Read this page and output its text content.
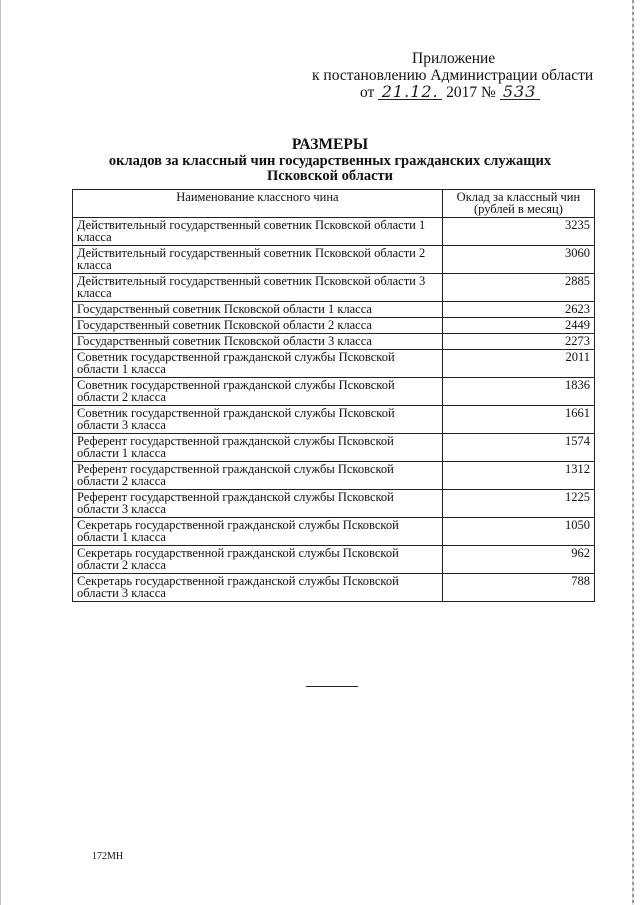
Приложение
к постановлению Администрации области
от 21.12. 2017 № 533
РАЗМЕРЫ
окладов за классный чин государственных гражданских служащих
Псковской области
Наименование классного чина	Оклад за классный чин (рублей в месяц)
Действительный государственный советник Псковской области 1 класса	3235
Действительный государственный советник Псковской области 2 класса	3060
Действительный государственный советник Псковской области 3 класса	2885
Государственный советник Псковской области 1 класса	2623
Государственный советник Псковской области 2 класса	2449
Государственный советник Псковской области 3 класса	2273
Советник государственной гражданской службы Псковской области 1 класса	2011
Советник государственной гражданской службы Псковской области 2 класса	1836
Советник государственной гражданской службы Псковской области 3 класса	1661
Референт государственной гражданской службы Псковской области 1 класса	1574
Референт государственной гражданской службы Псковской области 2 класса	1312
Референт государственной гражданской службы Псковской области 3 класса	1225
Секретарь государственной гражданской службы Псковской области 1 класса	1050
Секретарь государственной гражданской службы Псковской области 2 класса	962
Секретарь государственной гражданской службы Псковской области 3 класса	788
172МН
